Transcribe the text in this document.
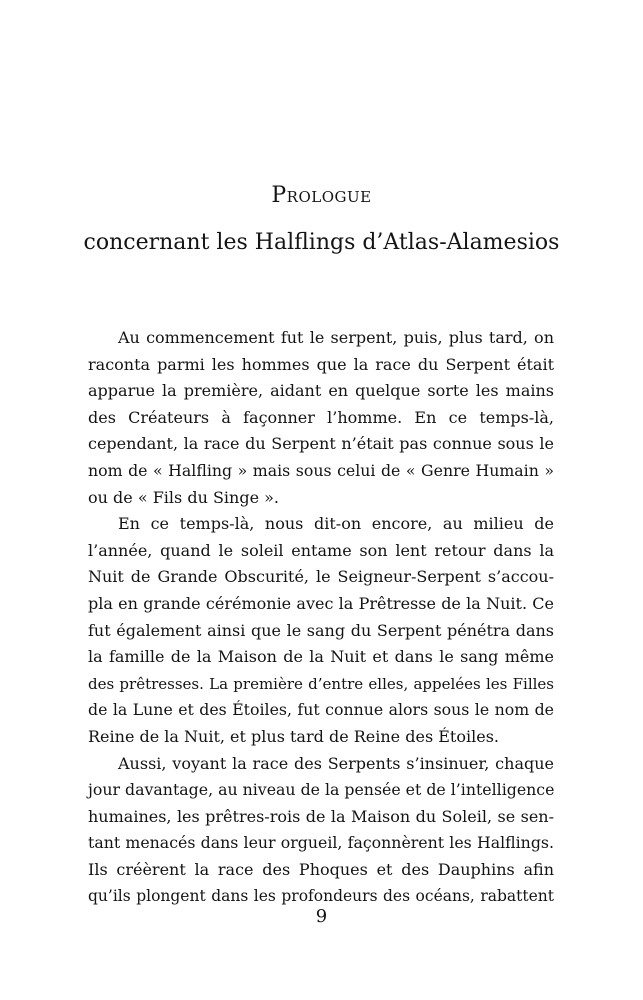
Prologue
concernant les Halflings d’Atlas-Alamesios
Au commencement fut le serpent, puis, plus tard, on
raconta parmi les hommes que la race du Serpent était
apparue la première, aidant en quelque sorte les mains
des Créateurs à façonner l’homme. En ce temps-là,
cependant, la race du Serpent n’était pas connue sous le
nom de « Halfling » mais sous celui de « Genre Humain »
ou de « Fils du Singe ».
En ce temps-là, nous dit-on encore, au milieu de
l’année, quand le soleil entame son lent retour dans la
Nuit de Grande Obscurité, le Seigneur-Serpent s’accou-
pla en grande cérémonie avec la Prêtresse de la Nuit. Ce
fut également ainsi que le sang du Serpent pénétra dans
la famille de la Maison de la Nuit et dans le sang même
des prêtresses. La première d’entre elles, appelées les Filles
de la Lune et des Étoiles, fut connue alors sous le nom de
Reine de la Nuit, et plus tard de Reine des Étoiles.
Aussi, voyant la race des Serpents s’insinuer, chaque
jour davantage, au niveau de la pensée et de l’intelligence
humaines, les prêtres-rois de la Maison du Soleil, se sen-
tant menacés dans leur orgueil, façonnèrent les Halflings.
Ils créèrent la race des Phoques et des Dauphins afin
qu’ils plongent dans les profondeurs des océans, rabattent
9
